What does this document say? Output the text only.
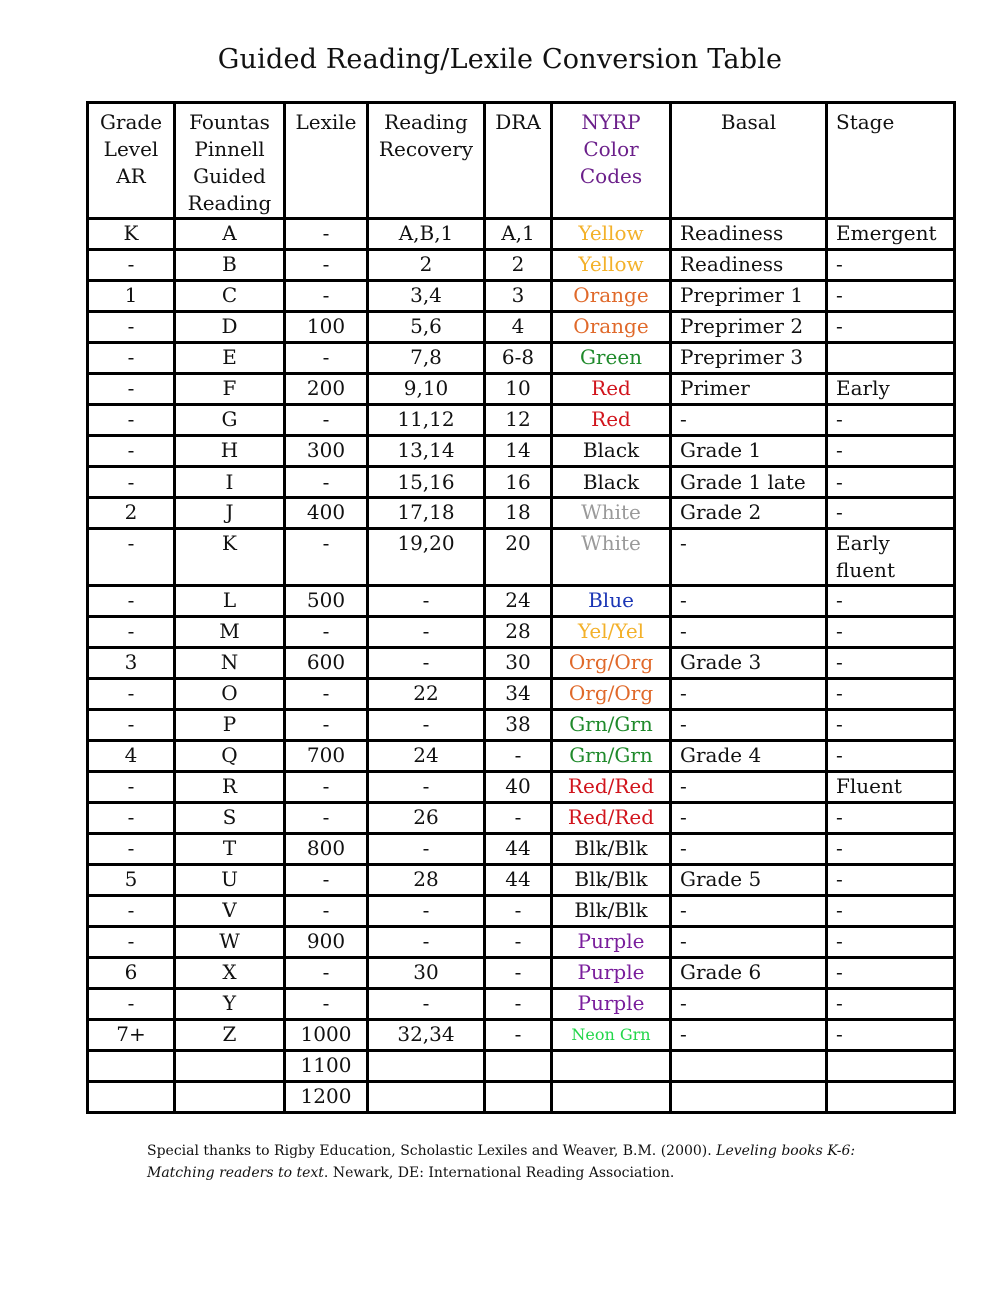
Guided Reading/Lexile Conversion Table
Grade Level AR	Fountas Pinnell Guided Reading	Lexile	Reading Recovery	DRA	NYRP Color Codes	Basal	Stage
K	A	-	A,B,1	A,1	Yellow	Readiness	Emergent
-	B	-	2	2	Yellow	Readiness	-
1	C	-	3,4	3	Orange	Preprimer 1	-
-	D	100	5,6	4	Orange	Preprimer 2	-
-	E	-	7,8	6-8	Green	Preprimer 3	
-	F	200	9,10	10	Red	Primer	Early
-	G	-	11,12	12	Red	-	-
-	H	300	13,14	14	Black	Grade 1	-
-	I	-	15,16	16	Black	Grade 1 late	-
2	J	400	17,18	18	White	Grade 2	-
-	K	-	19,20	20	White	-	Early fluent
-	L	500	-	24	Blue	-	-
-	M	-	-	28	Yel/Yel	-	-
3	N	600	-	30	Org/Org	Grade 3	-
-	O	-	22	34	Org/Org	-	-
-	P	-	-	38	Grn/Grn	-	-
4	Q	700	24	-	Grn/Grn	Grade 4	-
-	R	-	-	40	Red/Red	-	Fluent
-	S	-	26	-	Red/Red	-	-
-	T	800	-	44	Blk/Blk	-	-
5	U	-	28	44	Blk/Blk	Grade 5	-
-	V	-	-	-	Blk/Blk	-	-
-	W	900	-	-	Purple	-	-
6	X	-	30	-	Purple	Grade 6	-
-	Y	-	-	-	Purple	-	-
7+	Z	1000	32,34	-	Neon Grn	-	-
		1100					
		1200					
Special thanks to Rigby Education, Scholastic Lexiles and Weaver, B.M. (2000). Leveling books K-6: Matching readers to text. Newark, DE: International Reading Association.
